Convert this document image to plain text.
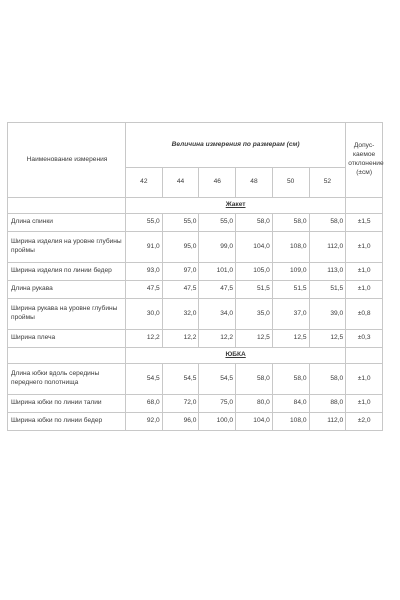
Наименование измерения	Величина измерения по размерам (см)						Допус-каемое отклонение (±см)
	42	44	46	48	50	52	
	Жакет						
Длина спинки	55,0	55,0	55,0	58,0	58,0	58,0	±1,5
Ширина изделия на уровне глубины проймы	91,0	95,0	99,0	104,0	108,0	112,0	±1,0
Ширина изделия по линии бедер	93,0	97,0	101,0	105,0	109,0	113,0	±1,0
Длина рукава	47,5	47,5	47,5	51,5	51,5	51,5	±1,0
Ширина рукава на уровне глубины проймы	30,0	32,0	34,0	35,0	37,0	39,0	±0,8
Ширина плеча	12,2	12,2	12,2	12,5	12,5	12,5	±0,3
	ЮБКА						
Длина юбки вдоль середины переднего полотнища	54,5	54,5	54,5	58,0	58,0	58,0	±1,0
Ширина юбки по линии талии	68,0	72,0	75,0	80,0	84,0	88,0	±1,0
Ширина юбки по линии бедер	92,0	96,0	100,0	104,0	108,0	112,0	±2,0
